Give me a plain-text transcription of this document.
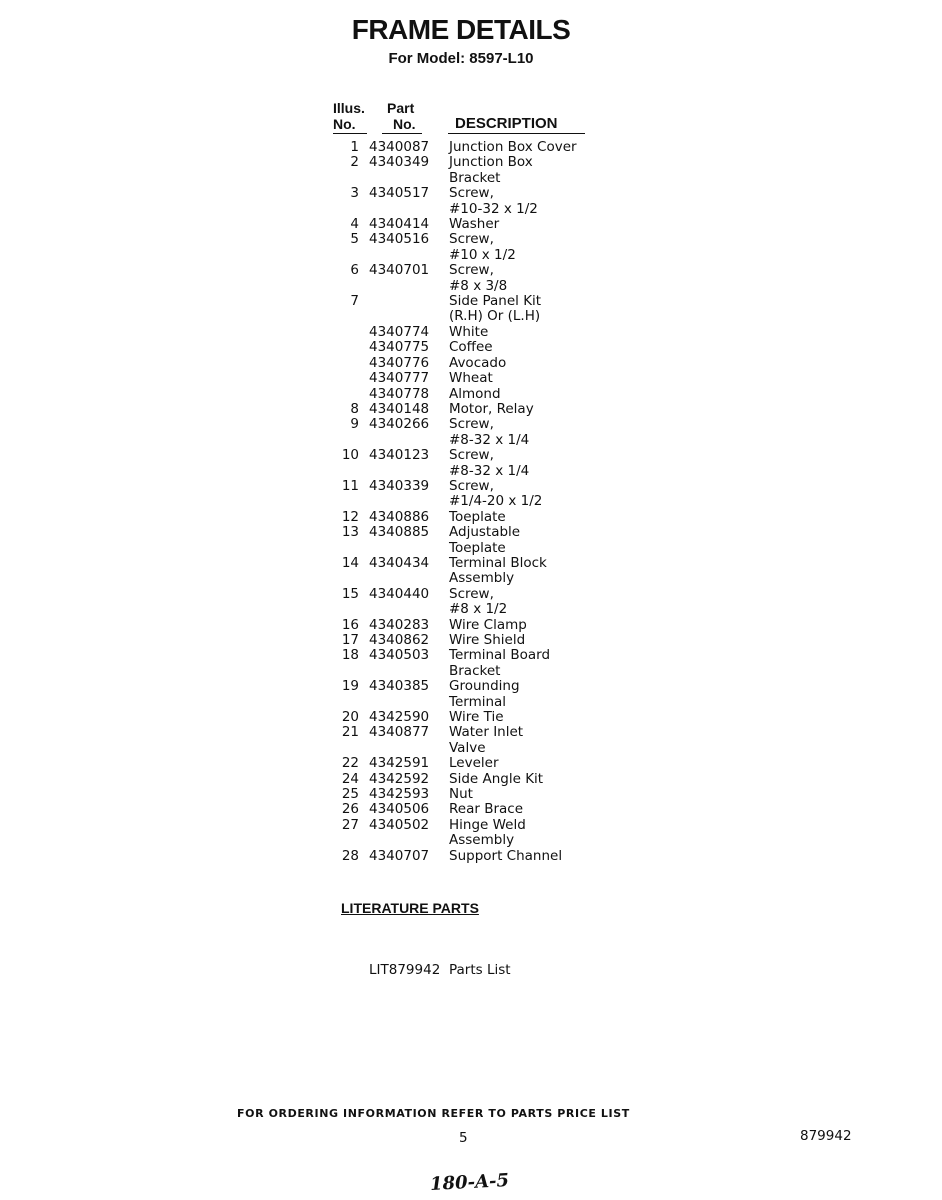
FRAME DETAILS
For Model: 8597-L10
Illus.
No.
Part
No.	DESCRIPTION
1 4340087 Junction Box Cover
2 4340349 Junction Box
Bracket
3 4340517 Screw,
#10-32 x 1/2
4 4340414 Washer
5 4340516 Screw,
#10 x 1/2
6 4340701 Screw,
#8 x 3/8
7	Side Panel Kit
(R.H) Or (L.H)
4340774 White
4340775 Coffee
4340776 Avocado
4340777 Wheat
4340778 Almond
8 4340148 Motor, Relay
9 4340266 Screw,
#8-32 x 1/4
10 4340123 Screw,
#8-32 x 1/4
11 4340339 Screw,
#1/4-20 x 1/2
12 4340886 Toeplate
13 4340885 Adjustable
Toeplate
14 4340434 Terminal Block
Assembly
15 4340440 Screw,
#8 x 1/2
16 4340283 Wire Clamp
17 4340862 Wire Shield
18 4340503 Terminal Board
Bracket
19 4340385 Grounding
Terminal
20 4342590 Wire Tie
21 4340877 Water Inlet
Valve
22 4342591 Leveler
24 4342592 Side Angle Kit
25 4342593 Nut
26 4340506 Rear Brace
27 4340502 Hinge Weld
Assembly
28 4340707 Support Channel
LITERATURE PARTS
LIT879942 Parts List
FOR ORDERING INFORMATION REFER TO PARTS PRICE LIST
5	879942
180-A-5
